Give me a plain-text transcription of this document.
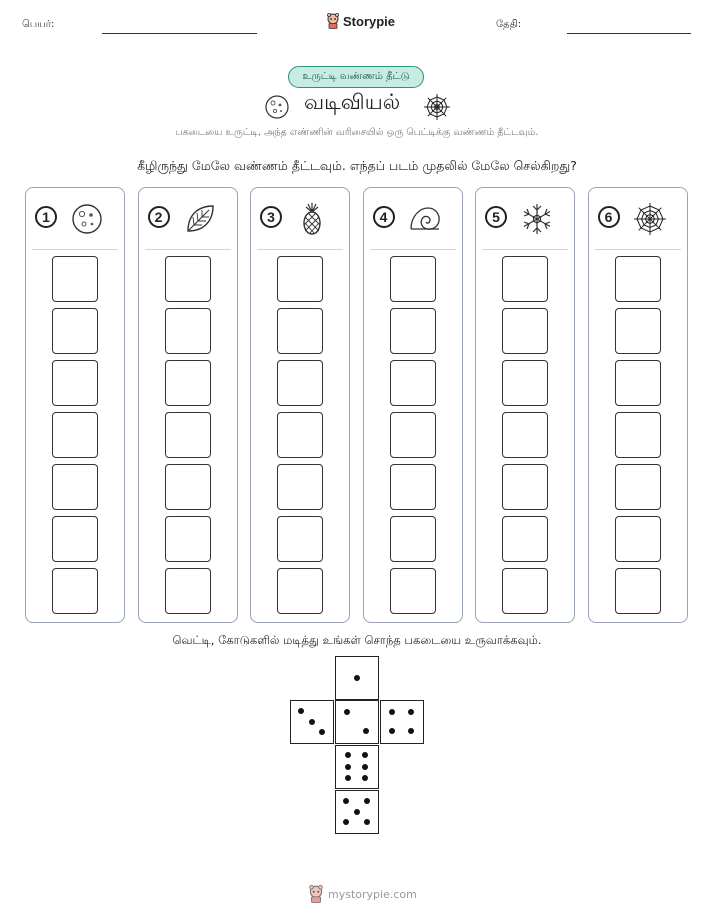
பெயர்:	Storypie	தேதி:
உருட்டி வண்ணம் தீட்டு
வடிவியல்
பகடையை உருட்டி, அந்த எண்ணின் வரிசையில் ஒரு பெட்டிக்கு வண்ணம் தீட்டவும்.
கீழிருந்து மேலே வண்ணம் தீட்டவும். எந்தப் படம் முதலில் மேலே செல்கிறது?
1	2	3	4	5	6
வெட்டி, கோடுகளில் மடித்து உங்கள் சொந்த பகடையை உருவாக்கவும்.
mystorypie.com
